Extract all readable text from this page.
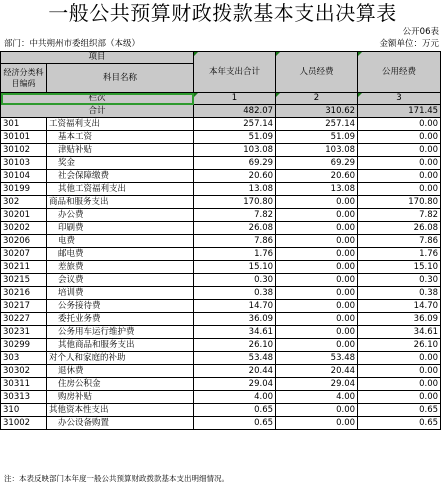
一般公共预算财政拨款基本支出决算表
公开06表
部门：中共朔州市委组织部（本级）	金额单位：万元
项目		本年支出合计	人员经费	公用经费
经济分类科目编码	科目名称			

栏次		1	2	3
合计		482.07	310.62	171.45
301	工资福利支出	257.14	257.14	0.00
30101	基本工资	51.09	51.09	0.00
30102	津贴补贴	103.08	103.08	0.00
30103	奖金	69.29	69.29	0.00
30104	社会保障缴费	20.60	20.60	0.00
30199	其他工资福利支出	13.08	13.08	0.00
302	商品和服务支出	170.80	0.00	170.80
30201	办公费	7.82	0.00	7.82
30202	印刷费	26.08	0.00	26.08
30206	电费	7.86	0.00	7.86
30207	邮电费	1.76	0.00	1.76
30211	差旅费	15.10	0.00	15.10
30215	会议费	0.30	0.00	0.30
30216	培训费	0.38	0.00	0.38
30217	公务接待费	14.70	0.00	14.70
30227	委托业务费	36.09	0.00	36.09
30231	公务用车运行维护费	34.61	0.00	34.61
30299	其他商品和服务支出	26.10	0.00	26.10
303	对个人和家庭的补助	53.48	53.48	0.00
30302	退休费	20.44	20.44	0.00
30311	住房公积金	29.04	29.04	0.00
30313	购房补贴	4.00	4.00	0.00
310	其他资本性支出	0.65	0.00	0.65
31002	办公设备购置	0.65	0.00	0.65
注：本表反映部门本年度一般公共预算财政拨款基本支出明细情况。
